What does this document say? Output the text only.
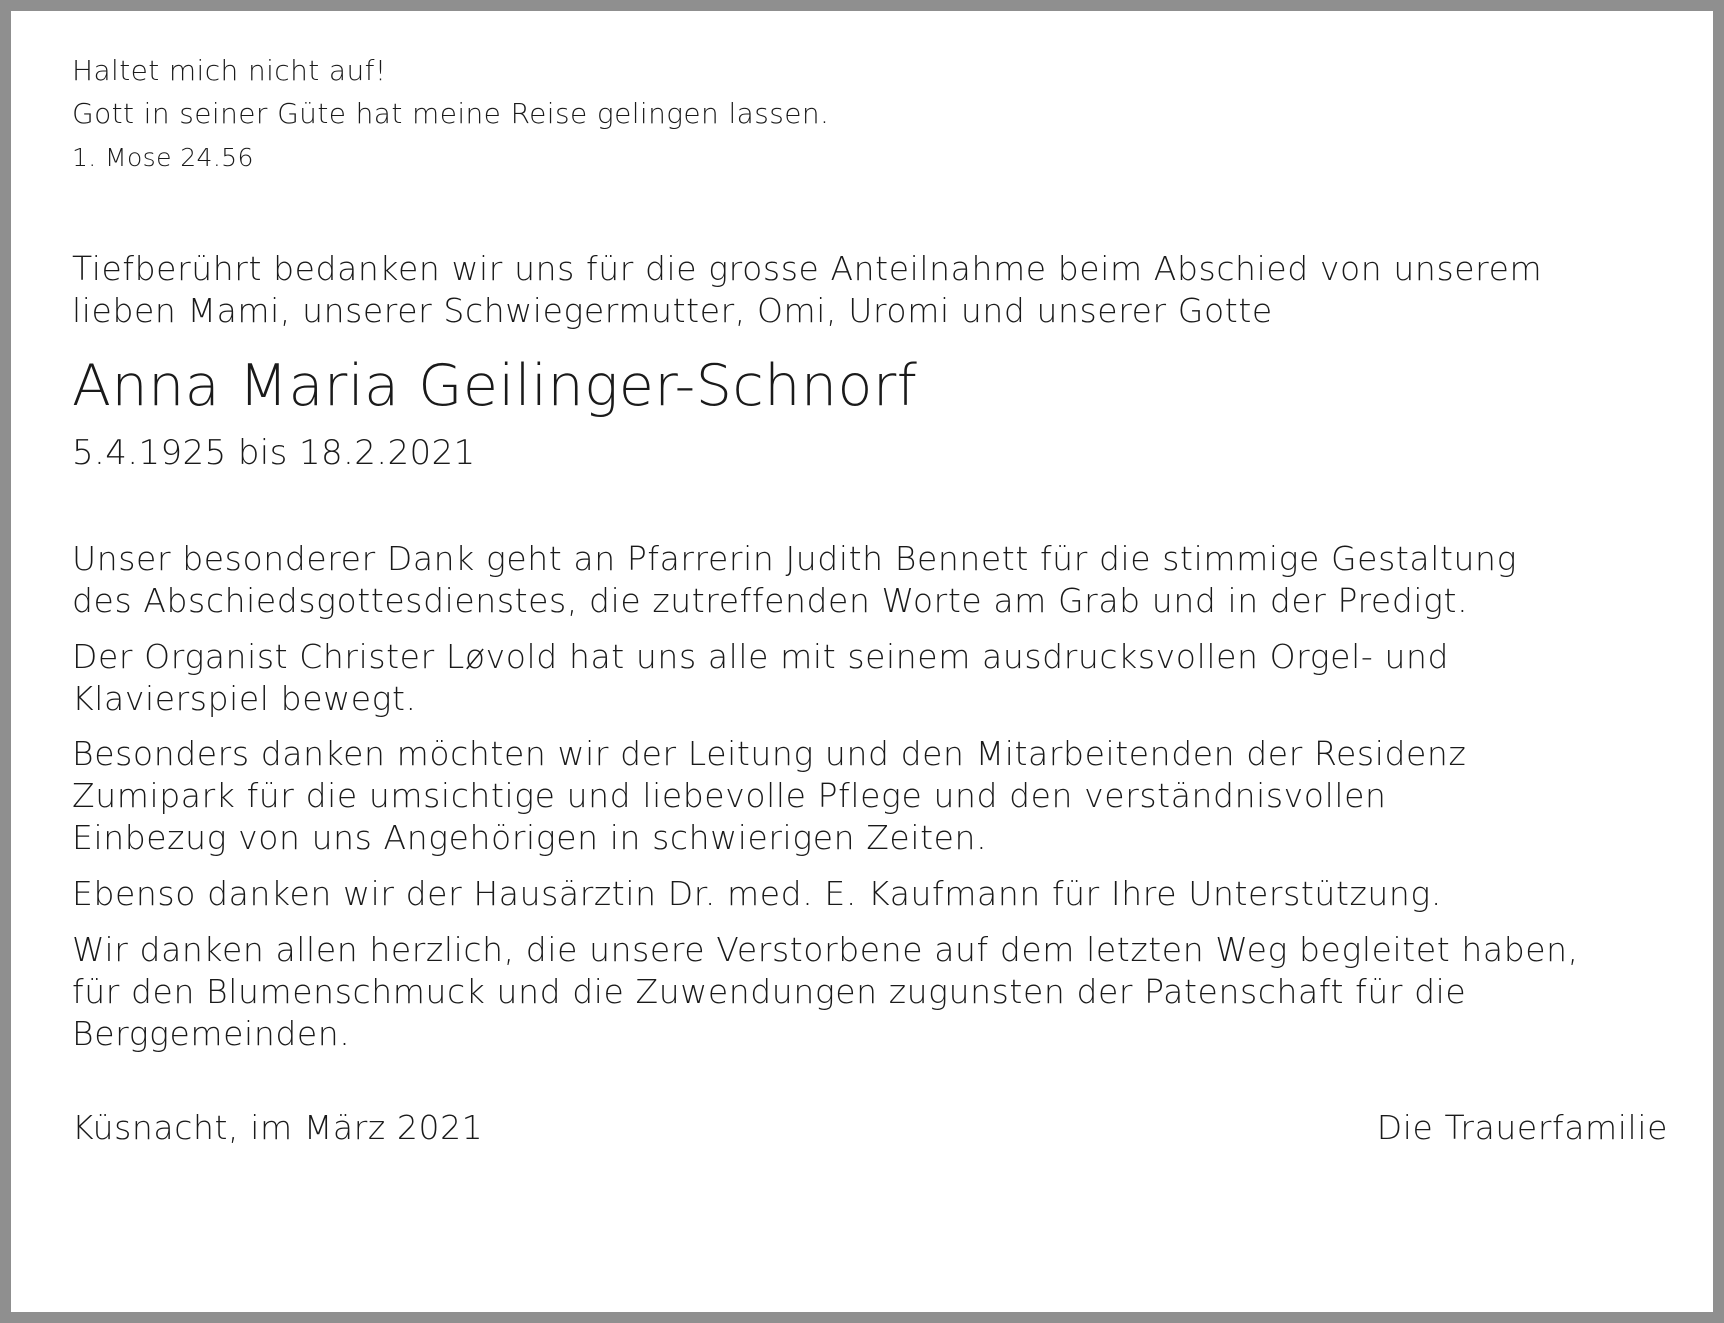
Haltet mich nicht auf!
Gott in seiner Güte hat meine Reise gelingen lassen.
1. Mose 24.56
Tiefberührt bedanken wir uns für die grosse Anteilnahme beim Abschied von unserem
lieben Mami, unserer Schwiegermutter, Omi, Uromi und unserer Gotte
Anna Maria Geilinger-Schnorf
5.4.1925 bis 18.2.2021
Unser besonderer Dank geht an Pfarrerin Judith Bennett für die stimmige Gestaltung
des Abschiedsgottesdienstes, die zutreffenden Worte am Grab und in der Predigt.
Der Organist Christer Løvold hat uns alle mit seinem ausdrucksvollen Orgel- und
Klavierspiel bewegt.
Besonders danken möchten wir der Leitung und den Mitarbeitenden der Residenz
Zumipark für die umsichtige und liebevolle Pflege und den verständnisvollen
Einbezug von uns Angehörigen in schwierigen Zeiten.
Ebenso danken wir der Hausärztin Dr. med. E. Kaufmann für Ihre Unterstützung.
Wir danken allen herzlich, die unsere Verstorbene auf dem letzten Weg begleitet haben,
für den Blumenschmuck und die Zuwendungen zugunsten der Patenschaft für die
Berggemeinden.
Küsnacht, im März 2021	Die Trauerfamilie
